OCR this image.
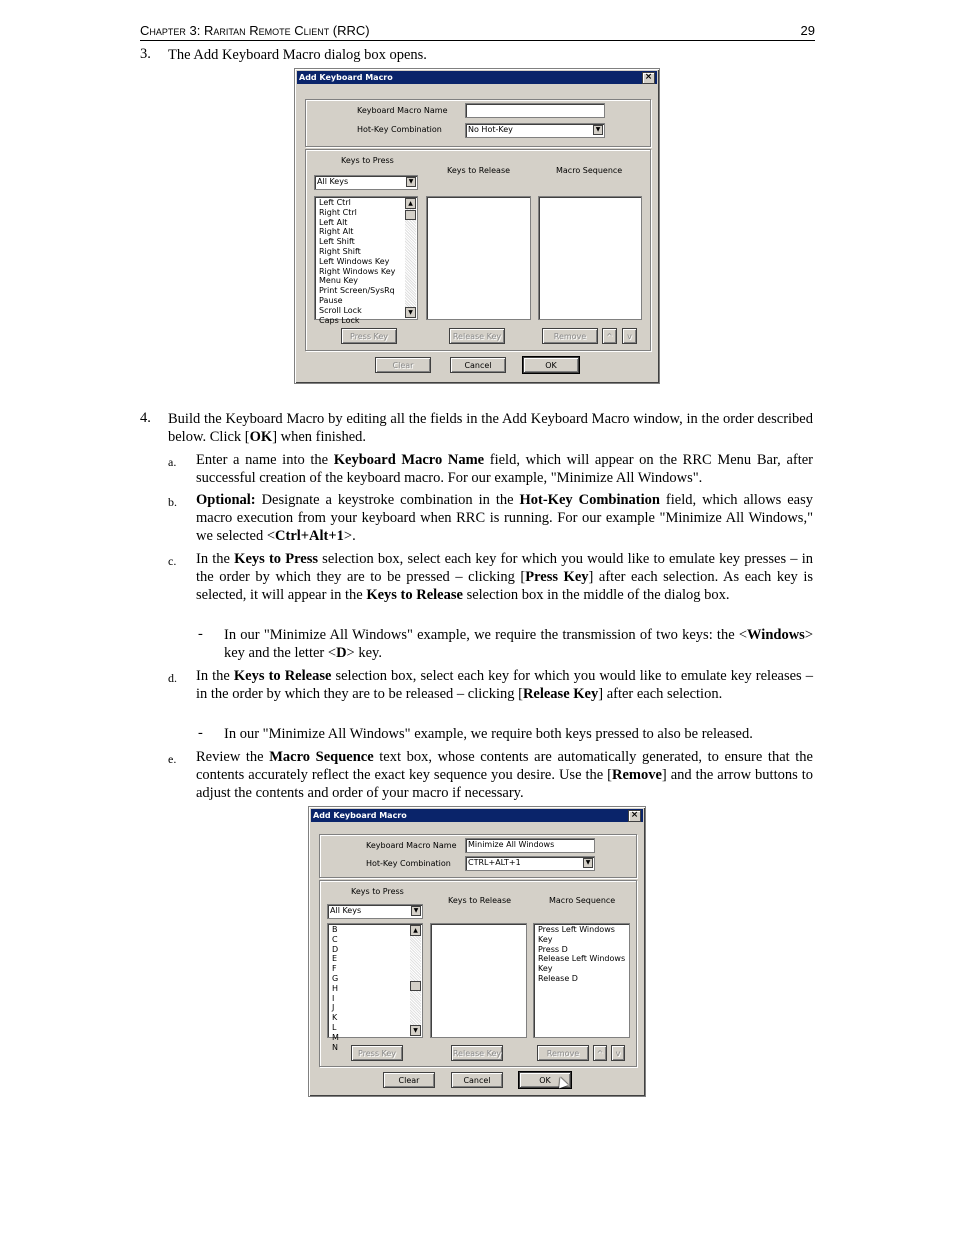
Chapter 3: Raritan Remote Client (RRC)	29
3. The Add Keyboard Macro dialog box opens.
Add Keyboard Macro	×
Keyboard Macro Name
Hot-Key Combination	No Hot-Key	▼
Keys to Press
Keys to Release	Macro Sequence
All Keys	▼
Left Ctrl
Right Ctrl
Left Alt
Right Alt
Left Shift
Right Shift
Left Windows Key
Right Windows Key
Menu Key
Print Screen/SysRq
Pause
Scroll Lock
Caps Lock
▲
▼
Press Key	Release Key	Remove	^	v
Clear	Cancel	OK
4. Build the Keyboard Macro by editing all the fields in the Add Keyboard Macro window, in the order described below. Click [OK] when finished.
a. Enter a name into the Keyboard Macro Name field, which will appear on the RRC Menu Bar, after successful creation of the keyboard macro. For our example, "Minimize All Windows".
b. Optional: Designate a keystroke combination in the Hot-Key Combination field, which allows easy macro execution from your keyboard when RRC is running. For our example "Minimize All Windows," we selected <Ctrl+Alt+1>.
c. In the Keys to Press selection box, select each key for which you would like to emulate key presses – in the order by which they are to be pressed – clicking [Press Key] after each selection. As each key is selected, it will appear in the Keys to Release selection box in the middle of the dialog box.
- In our "Minimize All Windows" example, we require the transmission of two keys: the <Windows> key and the letter <D> key.
d. In the Keys to Release selection box, select each key for which you would like to emulate key releases – in the order by which they are to be released – clicking [Release Key] after each selection.
- In our "Minimize All Windows" example, we require both keys pressed to also be released.
e. Review the Macro Sequence text box, whose contents are automatically generated, to ensure that the contents accurately reflect the exact key sequence you desire. Use the [Remove] and the arrow buttons to adjust the contents and order of your macro if necessary.
Add Keyboard Macro	×
Keyboard Macro Name	Minimize All Windows
Hot-Key Combination	CTRL+ALT+1	▼
Keys to Press
Keys to Release	Macro Sequence
All Keys	▼
B
C
D
E
F
G
H
I
J
K
L
M
N
▲
▼
Press Left Windows Key
Press D
Release Left Windows Key
Release D
Press Key	Release Key	Remove	^	v
Clear	Cancel	OK
